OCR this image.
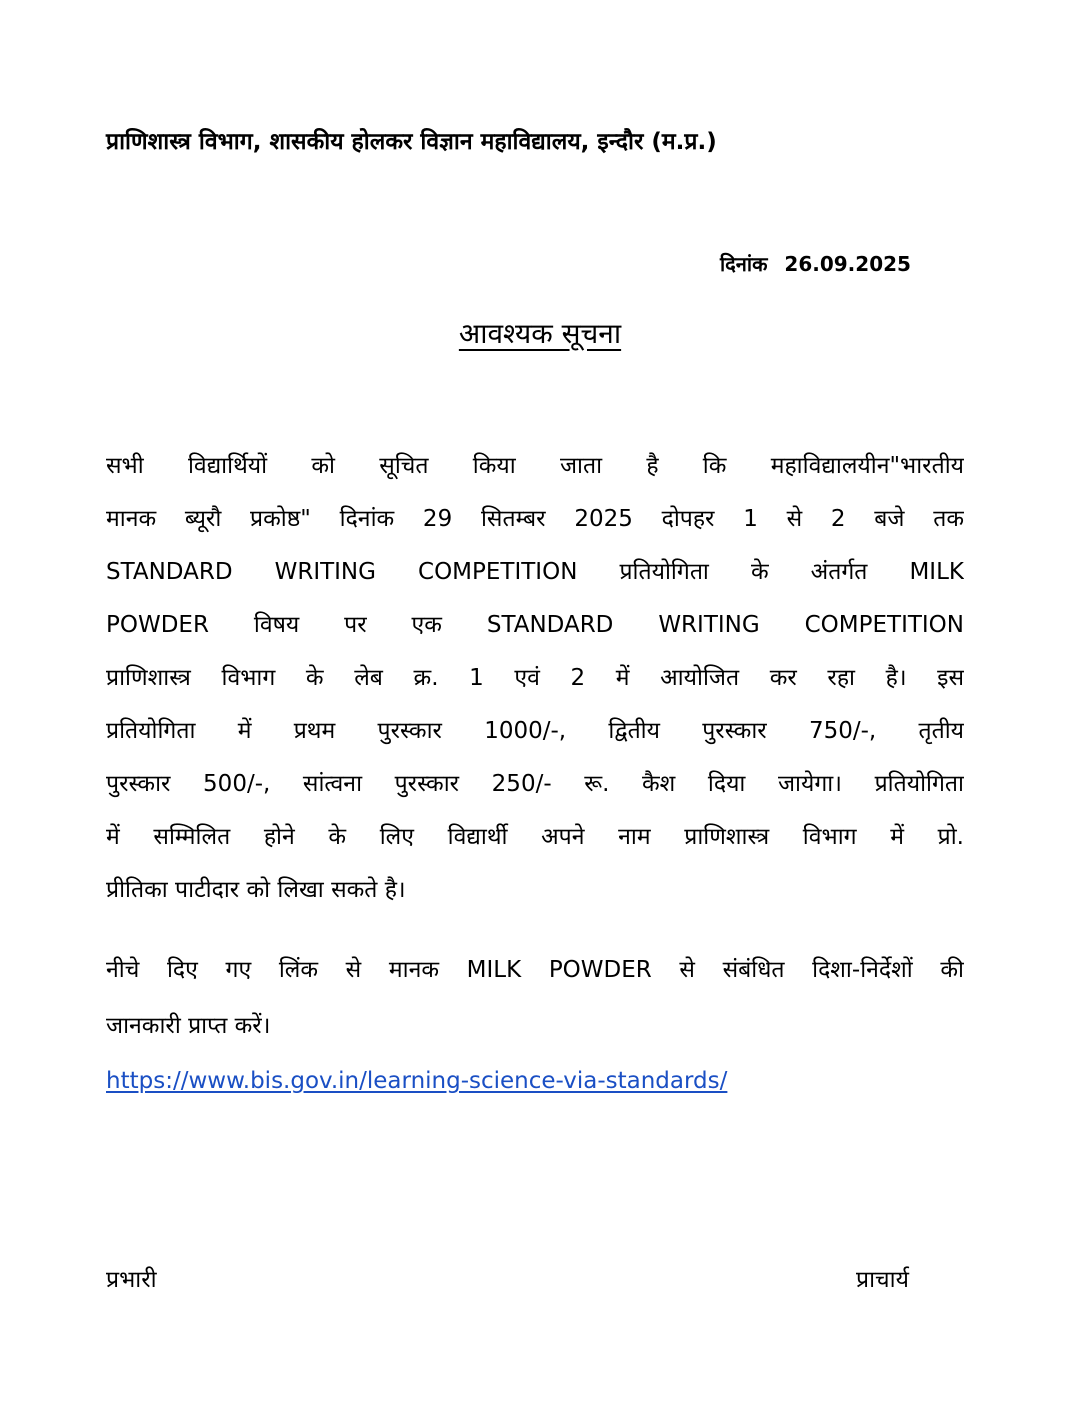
प्राणिशास्त्र विभाग, शासकीय होलकर विज्ञान महाविद्यालय, इन्दौर (म.प्र.)
दिनांक 26.09.2025
आवश्यक सूचना
सभी विद्यार्थियों को सूचित किया जाता है कि महाविद्यालयीन"भारतीय
मानक ब्यूरौ प्रकोष्ठ" दिनांक 29 सितम्बर 2025 दोपहर 1 से 2 बजे तक
STANDARD WRITING COMPETITION प्रतियोगिता के अंतर्गत MILK
POWDER विषय पर एक STANDARD WRITING COMPETITION
प्राणिशास्त्र विभाग के लेब क्र. 1 एवं 2 में आयोजित कर रहा है। इस
प्रतियोगिता में प्रथम पुरस्कार 1000/-, द्वितीय पुरस्कार 750/-, तृतीय
पुरस्कार 500/-, सांत्वना पुरस्कार 250/- रू. कैश दिया जायेगा। प्रतियोगिता
में सम्मिलित होने के लिए विद्यार्थी अपने नाम प्राणिशास्त्र विभाग में प्रो.
प्रीतिका पाटीदार को लिखा सकते है।
नीचे दिए गए लिंक से मानक MILK POWDER से संबंधित दिशा-निर्देशों की
जानकारी प्राप्त करें।
https://www.bis.gov.in/learning-science-via-standards/
प्रभारी	प्राचार्य
